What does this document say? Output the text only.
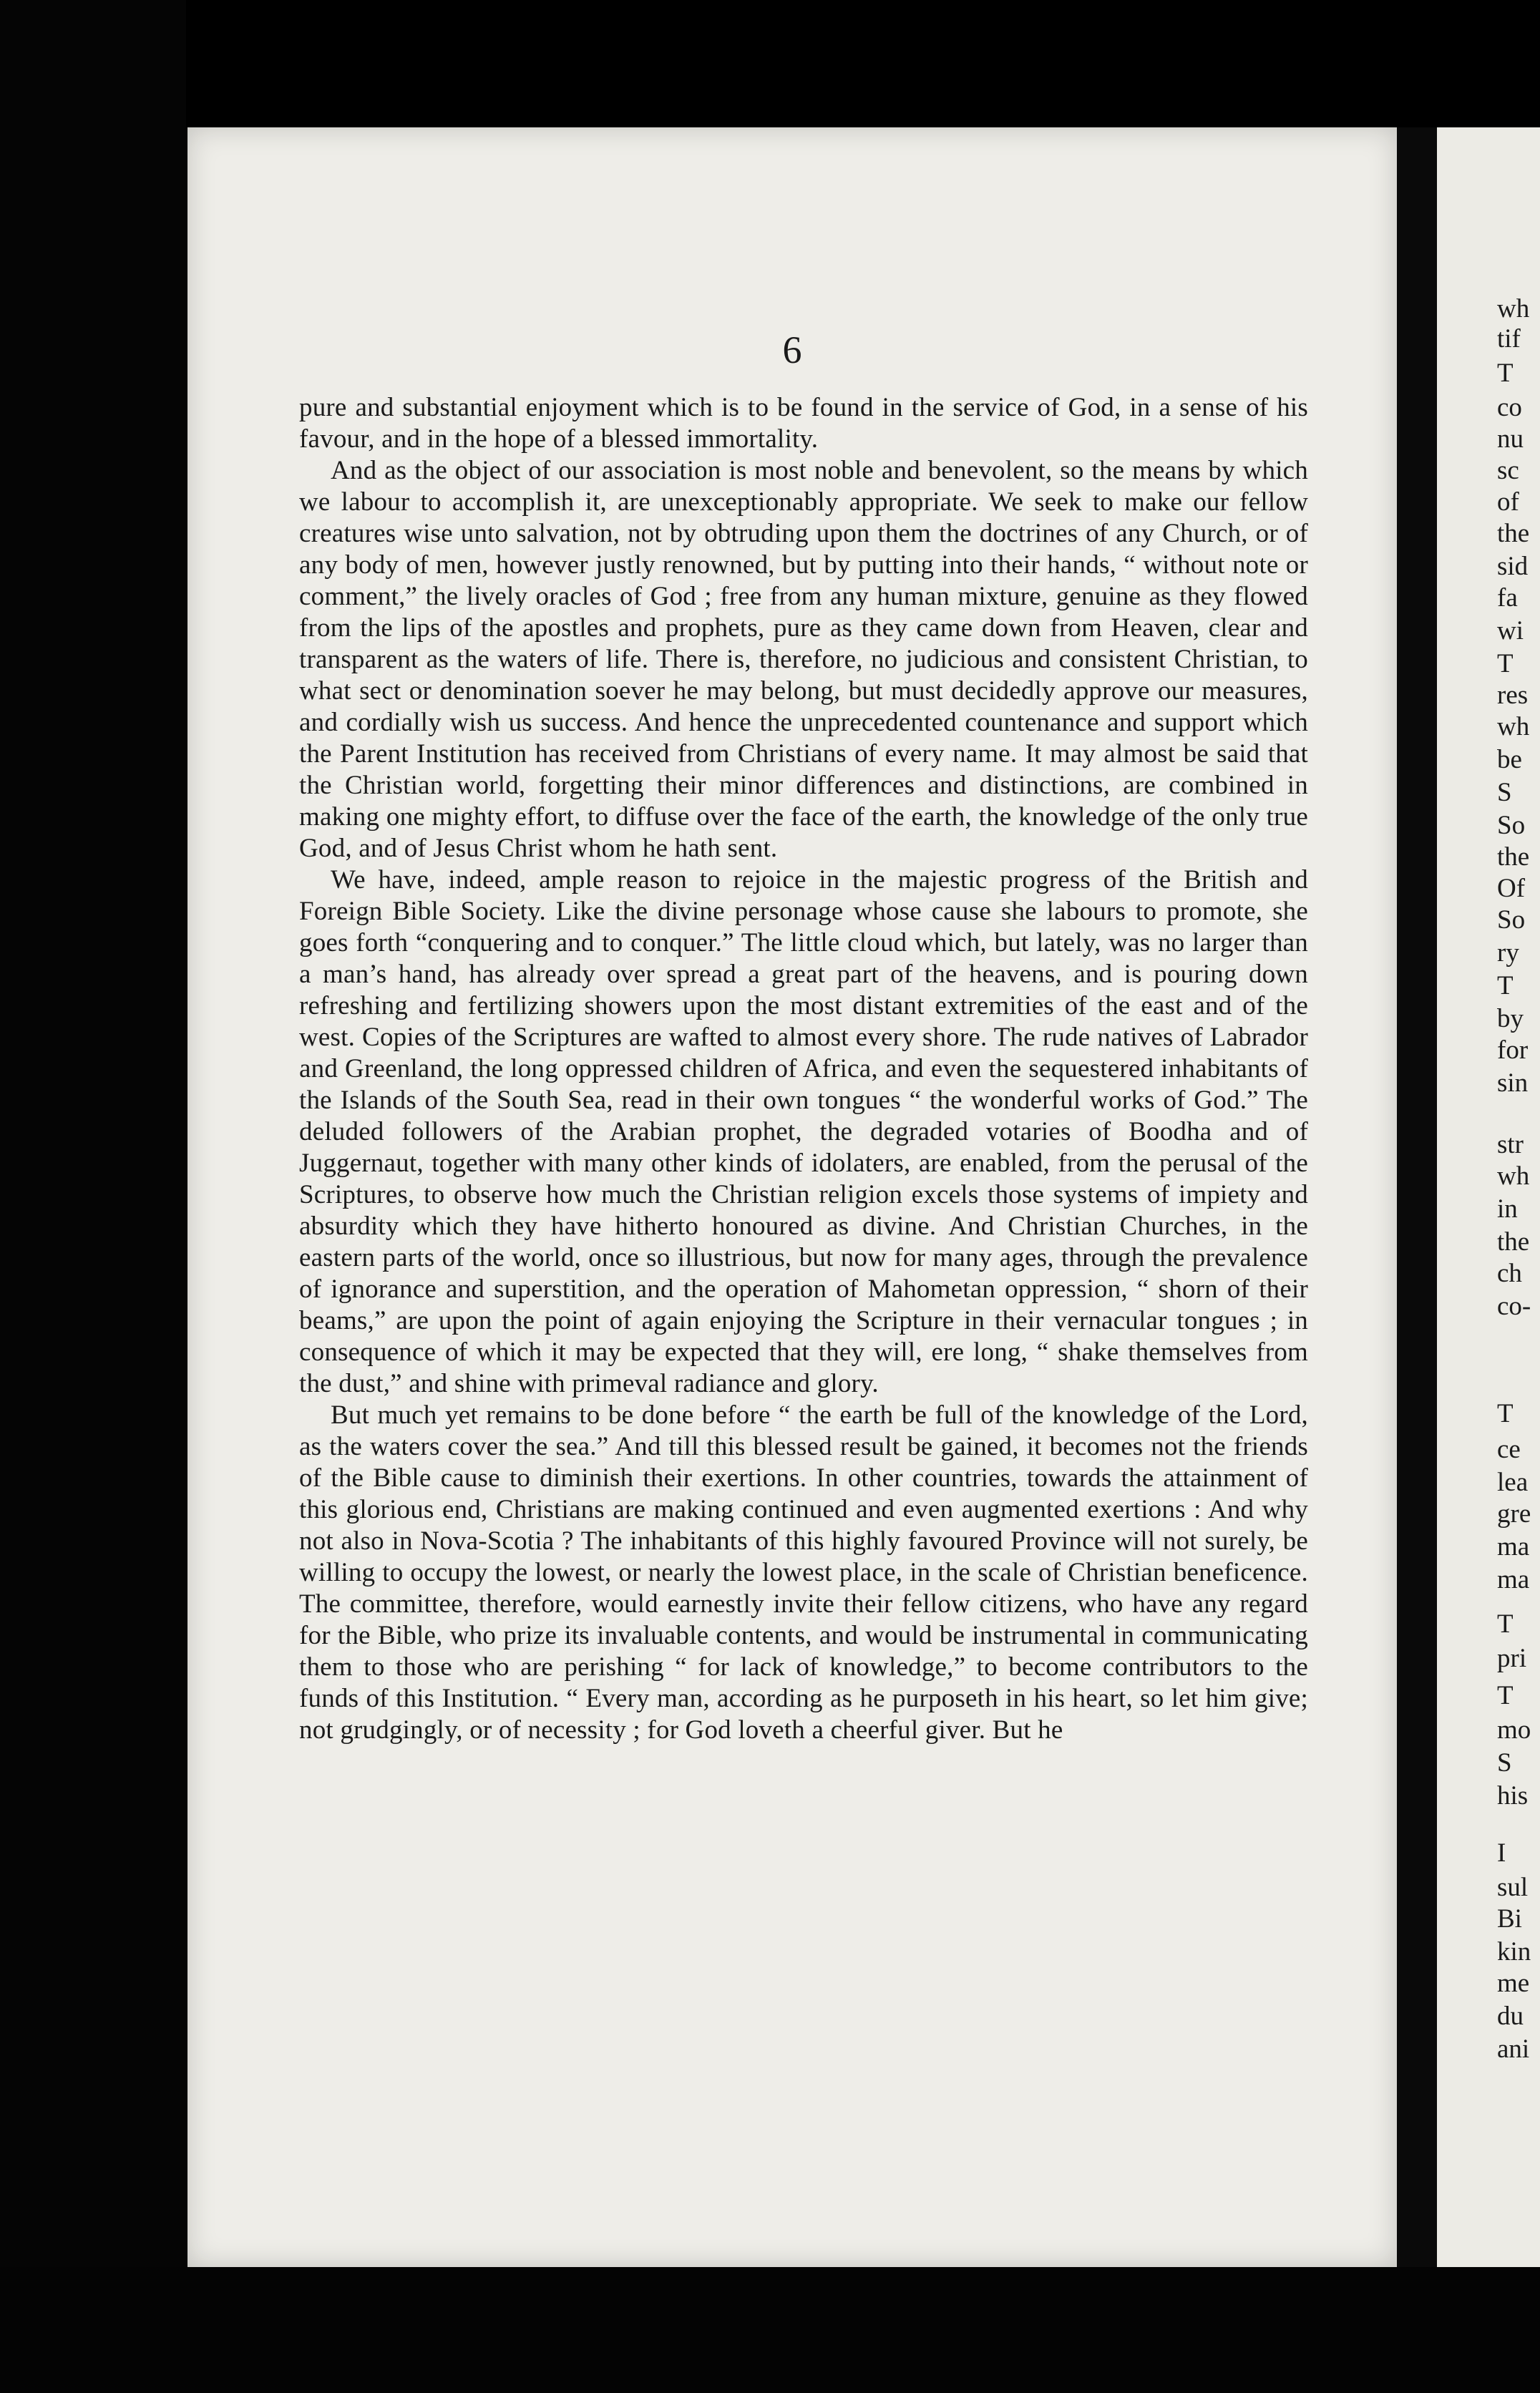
6

pure and substantial enjoyment which is to be found in the service of God, in a sense of his favour, and in the hope of a blessed immortality.

And as the object of our association is most noble and benevolent, so the means by which we labour to accomplish it, are unexceptionably appropriate. We seek to make our fellow creatures wise unto salvation, not by obtruding upon them the doctrines of any Church, or of any body of men, however justly renowned, but by putting into their hands, “ without note or comment,” the lively oracles of God ; free from any human mixture, genuine as they flowed from the lips of the apostles and prophets, pure as they came down from Heaven, clear and transparent as the waters of life. There is, therefore, no judicious and consistent Christian, to what sect or denomination soever he may belong, but must decidedly approve our measures, and cordially wish us success. And hence the unprecedented countenance and support which the Parent Institution has received from Christians of every name. It may almost be said that the Christian world, forgetting their minor differences and distinctions, are combined in making one mighty effort, to diffuse over the face of the earth, the knowledge of the only true God, and of Jesus Christ whom he hath sent.

We have, indeed, ample reason to rejoice in the majestic progress of the British and Foreign Bible Society. Like the divine personage whose cause she labours to promote, she goes forth “conquering and to conquer.” The little cloud which, but lately, was no larger than a man’s hand, has already over spread a great part of the heavens, and is pouring down refreshing and fertilizing showers upon the most distant extremities of the east and of the west. Copies of the Scriptures are wafted to almost every shore. The rude natives of Labrador and Greenland, the long oppressed children of Africa, and even the sequestered inhabitants of the Islands of the South Sea, read in their own tongues “ the wonderful works of God.” The deluded followers of the Arabian prophet, the degraded votaries of Boodha and of Juggernaut, together with many other kinds of idolaters, are enabled, from the perusal of the Scriptures, to observe how much the Christian religion excels those systems of impiety and absurdity which they have hitherto honoured as divine. And Christian Churches, in the eastern parts of the world, once so illustrious, but now for many ages, through the prevalence of ignorance and superstition, and the operation of Mahometan oppression, “ shorn of their beams,” are upon the point of again enjoying the Scripture in their vernacular tongues ; in consequence of which it may be expected that they will, ere long, “ shake themselves from the dust,” and shine with primeval radiance and glory.

But much yet remains to be done before “ the earth be full of the knowledge of the Lord, as the waters cover the sea.” And till this blessed result be gained, it becomes not the friends of the Bible cause to diminish their exertions. In other countries, towards the attainment of this glorious end, Christians are making continued and even augmented exertions : And why not also in Nova-Scotia ? The inhabitants of this highly favoured Province will not surely, be willing to occupy the lowest, or nearly the lowest place, in the scale of Christian beneficence. The committee, therefore, would earnestly invite their fellow citizens, who have any regard for the Bible, who prize its invaluable contents, and would be instrumental in communicating them to those who are perishing “ for lack of knowledge,” to become contributors to the funds of this Institution. “ Every man, according as he purposeth in his heart, so let him give; not grudgingly, or of necessity ; for God loveth a cheerful giver. But he

wh
tif
T
co
nu
sc
of
the
sid
fa
wi
T
res
wh
be
S
So
the
Of
So
ry
T
by
for
sin
str
wh
in
the
ch
co-
T
ce
lea
gre
ma
ma
T
pri
T
mo
S
his
I
sul
Bi
kin
me
du
ani
